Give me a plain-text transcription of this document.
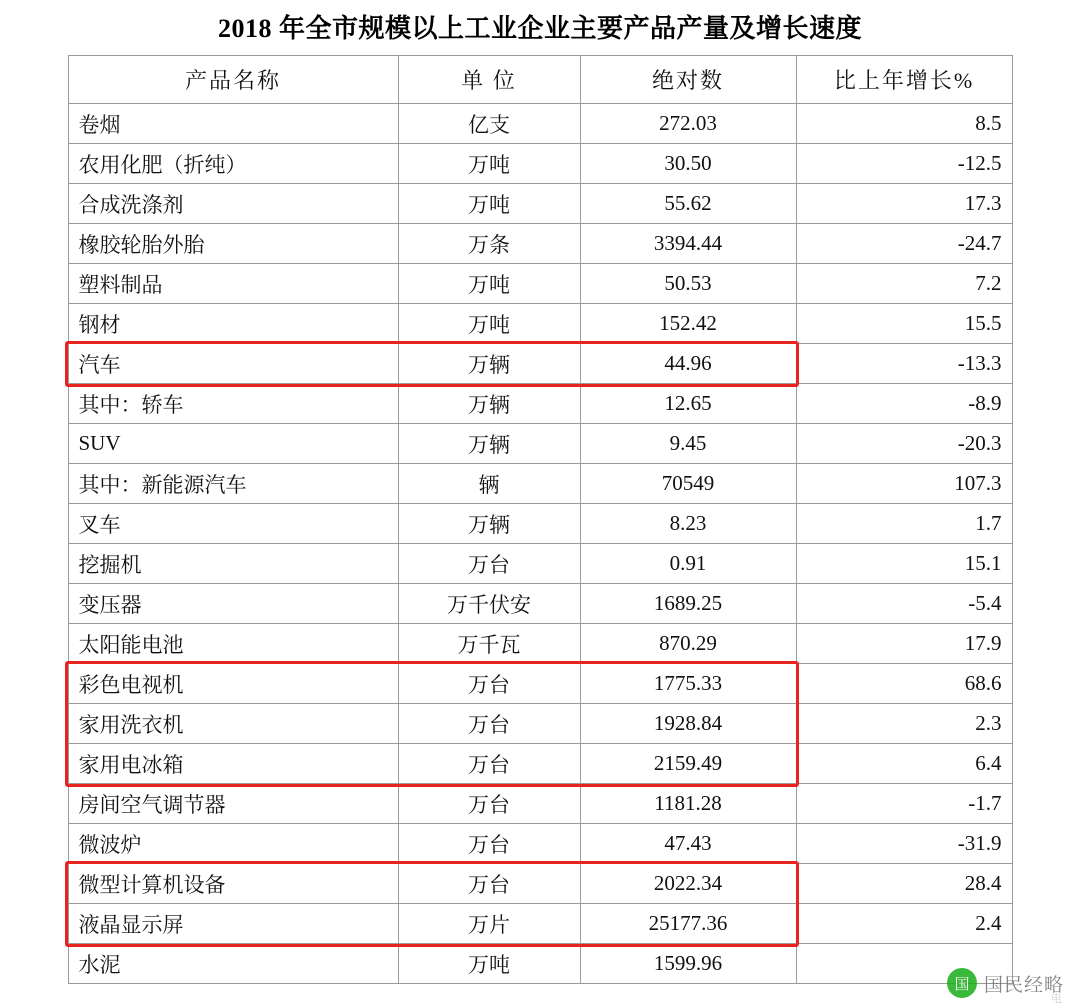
2018 年全市规模以上工业企业主要产品产量及增长速度
产品名称	单 位	绝对数	比上年增长%
卷烟	亿支	272.03	8.5
农用化肥（折纯）	万吨	30.50	-12.5
合成洗涤剂	万吨	55.62	17.3
橡胶轮胎外胎	万条	3394.44	-24.7
塑料制品	万吨	50.53	7.2
钢材	万吨	152.42	15.5
汽车	万辆	44.96	-13.3
其中：轿车	万辆	12.65	-8.9
SUV	万辆	9.45	-20.3
其中：新能源汽车	辆	70549	107.3
叉车	万辆	8.23	1.7
挖掘机	万台	0.91	15.1
变压器	万千伏安	1689.25	-5.4
太阳能电池	万千瓦	870.29	17.9
彩色电视机	万台	1775.33	68.6
家用洗衣机	万台	1928.84	2.3
家用电冰箱	万台	2159.49	6.4
房间空气调节器	万台	1181.28	-1.7
微波炉	万台	47.43	-31.9
微型计算机设备	万台	2022.34	28.4
液晶显示屏	万片	25177.36	2.4
水泥	万吨	1599.96	
国 国民经略
电
